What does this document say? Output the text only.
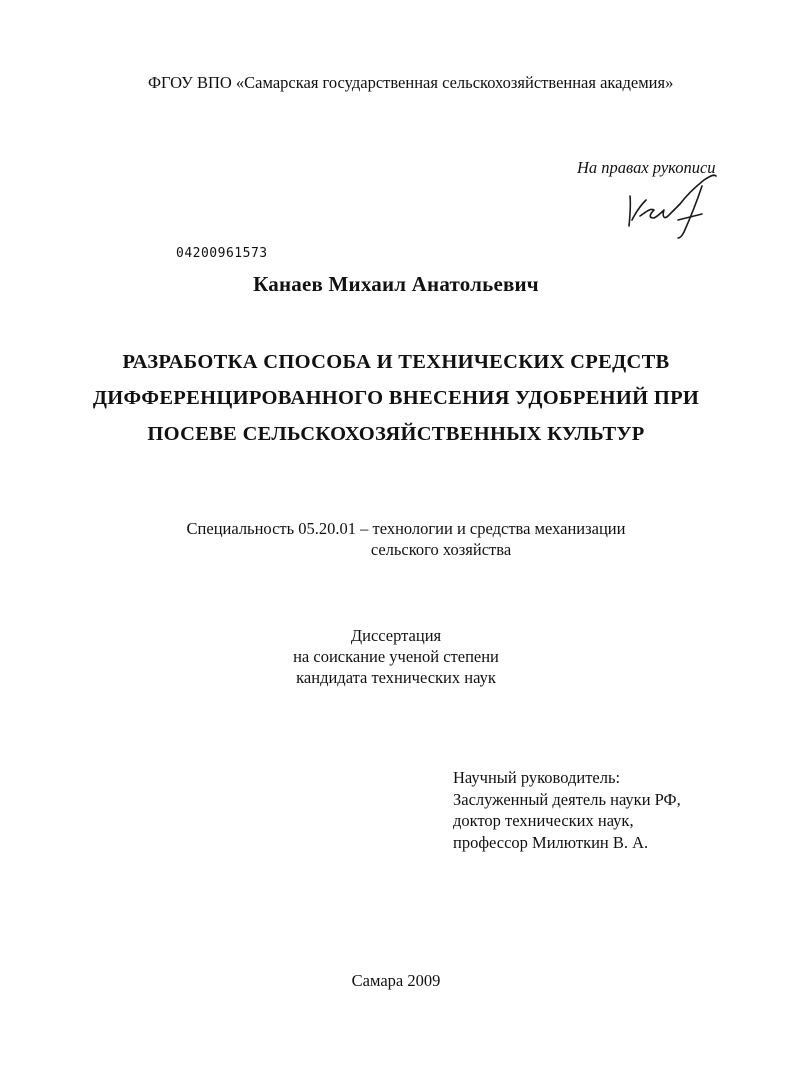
ФГОУ ВПО «Самарская государственная сельскохозяйственная академия»
На правах рукописи
04200961573
Канаев Михаил Анатольевич
РАЗРАБОТКА СПОСОБА И ТЕХНИЧЕСКИХ СРЕДСТВ
ДИФФЕРЕНЦИРОВАННОГО ВНЕСЕНИЯ УДОБРЕНИЙ ПРИ
ПОСЕВЕ СЕЛЬСКОХОЗЯЙСТВЕННЫХ КУЛЬТУР
Специальность 05.20.01 – технологии и средства механизации
сельского хозяйства
Диссертация
на соискание ученой степени
кандидата технических наук
Научный руководитель:
Заслуженный деятель науки РФ,
доктор технических наук,
профессор Милюткин В. А.
Самара 2009
